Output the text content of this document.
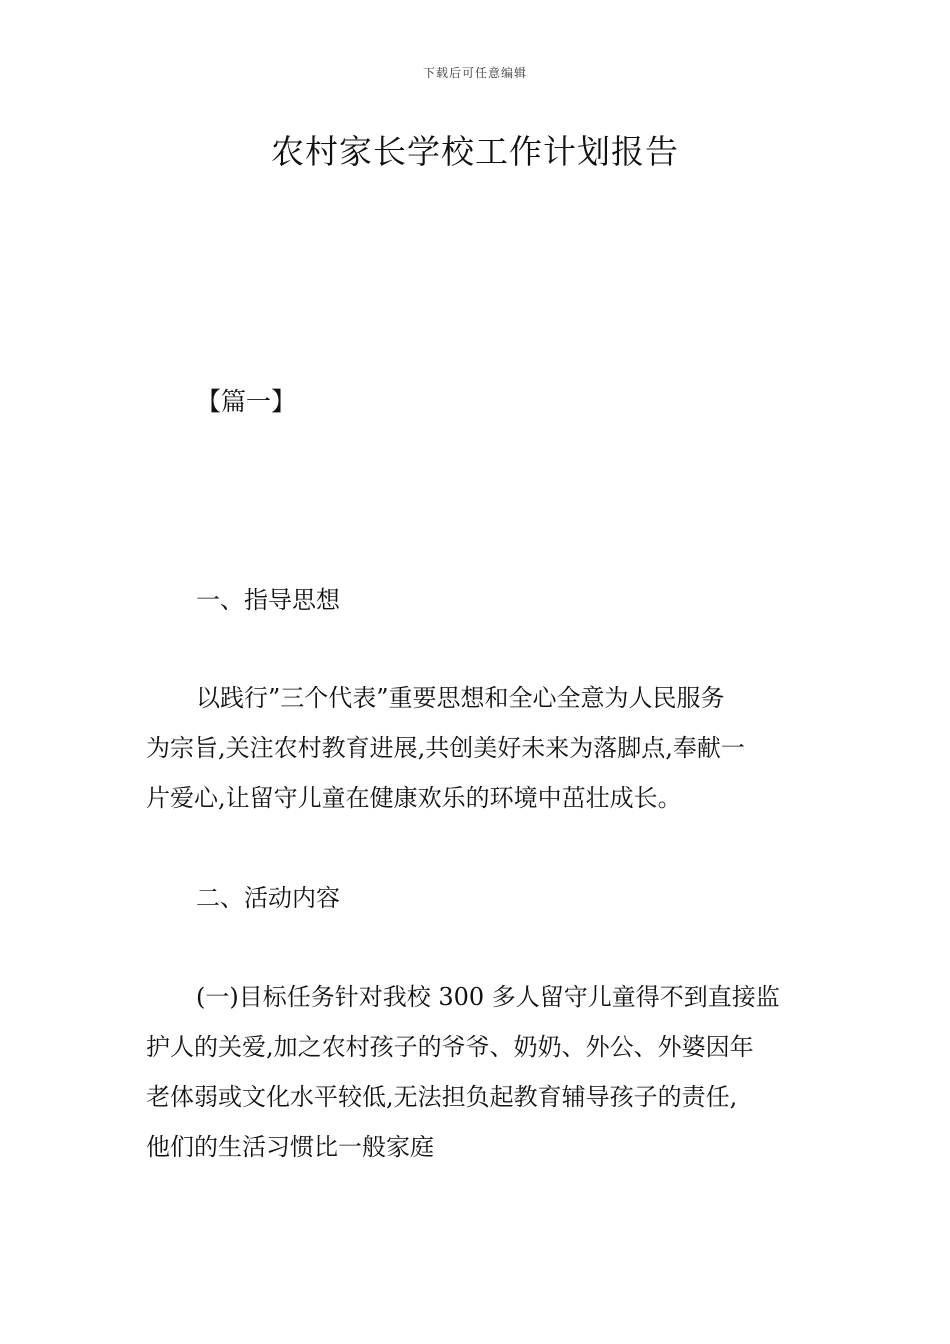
下载后可任意编辑
农村家长学校工作计划报告
【篇一】
一、指导思想

以践行”三个代表”重要思想和全心全意为人民服务
为宗旨,关注农村教育进展,共创美好未来为落脚点,奉献一
片爱心,让留守儿童在健康欢乐的环境中茁壮成长。

二、活动内容

(一)目标任务针对我校 300 多人留守儿童得不到直接监
护人的关爱,加之农村孩子的爷爷、奶奶、外公、外婆因年
老体弱或文化水平较低,无法担负起教育辅导孩子的责任,
他们的生活习惯比一般家庭
